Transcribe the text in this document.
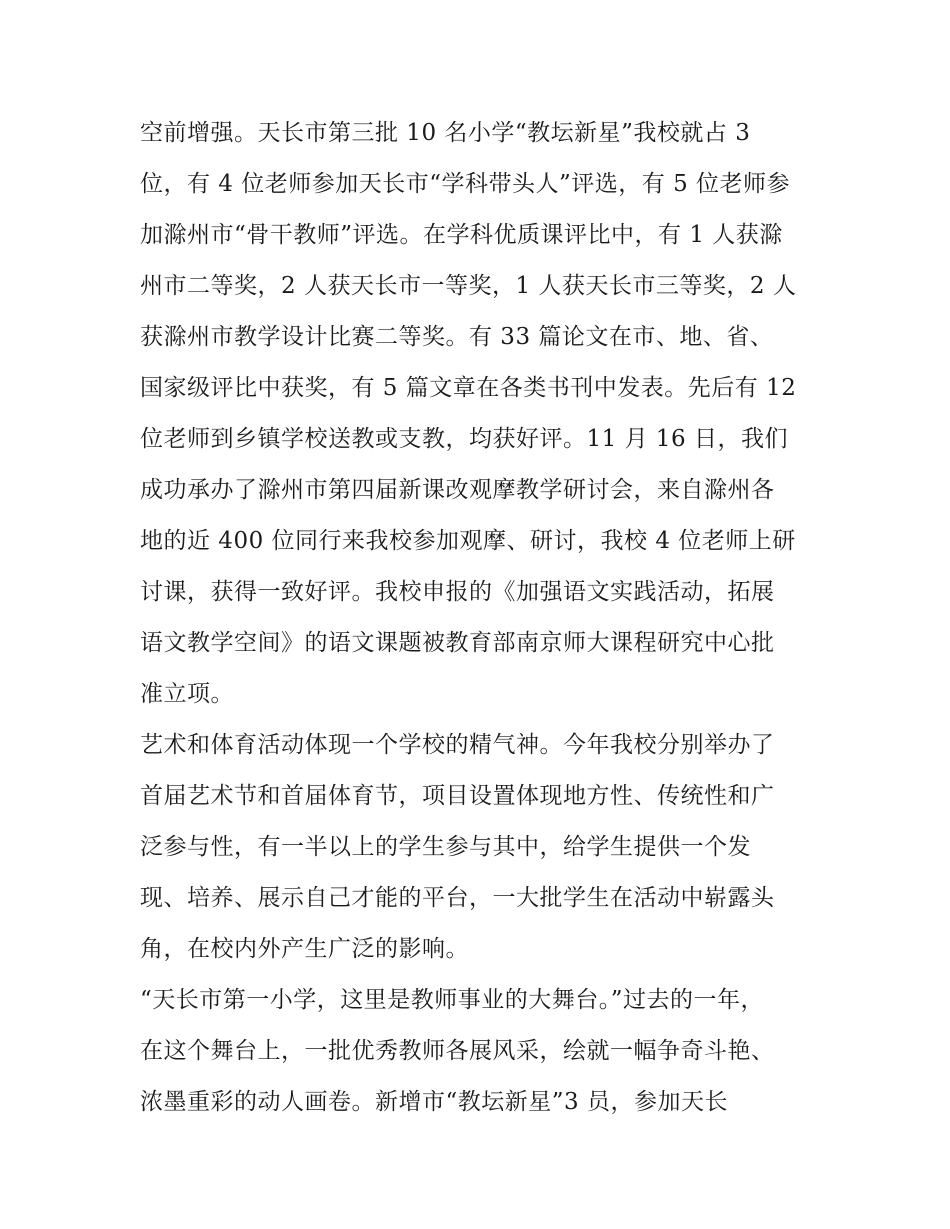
空前增强。天长市第三批 10 名小学“教坛新星”我校就占 3
位，有 4 位老师参加天长市“学科带头人”评选，有 5 位老师参
加滁州市“骨干教师”评选。在学科优质课评比中，有 1 人获滁
州市二等奖，2 人获天长市一等奖，1 人获天长市三等奖，2 人
获滁州市教学设计比赛二等奖。有 33 篇论文在市、地、省、
国家级评比中获奖，有 5 篇文章在各类书刊中发表。先后有 12
位老师到乡镇学校送教或支教，均获好评。11 月 16 日，我们
成功承办了滁州市第四届新课改观摩教学研讨会，来自滁州各
地的近 400 位同行来我校参加观摩、研讨，我校 4 位老师上研
讨课，获得一致好评。我校申报的《加强语文实践活动，拓展
语文教学空间》的语文课题被教育部南京师大课程研究中心批
准立项。
艺术和体育活动体现一个学校的精气神。今年我校分别举办了
首届艺术节和首届体育节，项目设置体现地方性、传统性和广
泛参与性，有一半以上的学生参与其中，给学生提供一个发
现、培养、展示自己才能的平台，一大批学生在活动中崭露头
角，在校内外产生广泛的影响。
“天长市第一小学，这里是教师事业的大舞台。”过去的一年，
在这个舞台上，一批优秀教师各展风采，绘就一幅争奇斗艳、
浓墨重彩的动人画卷。新增市“教坛新星”3 员，参加天长
